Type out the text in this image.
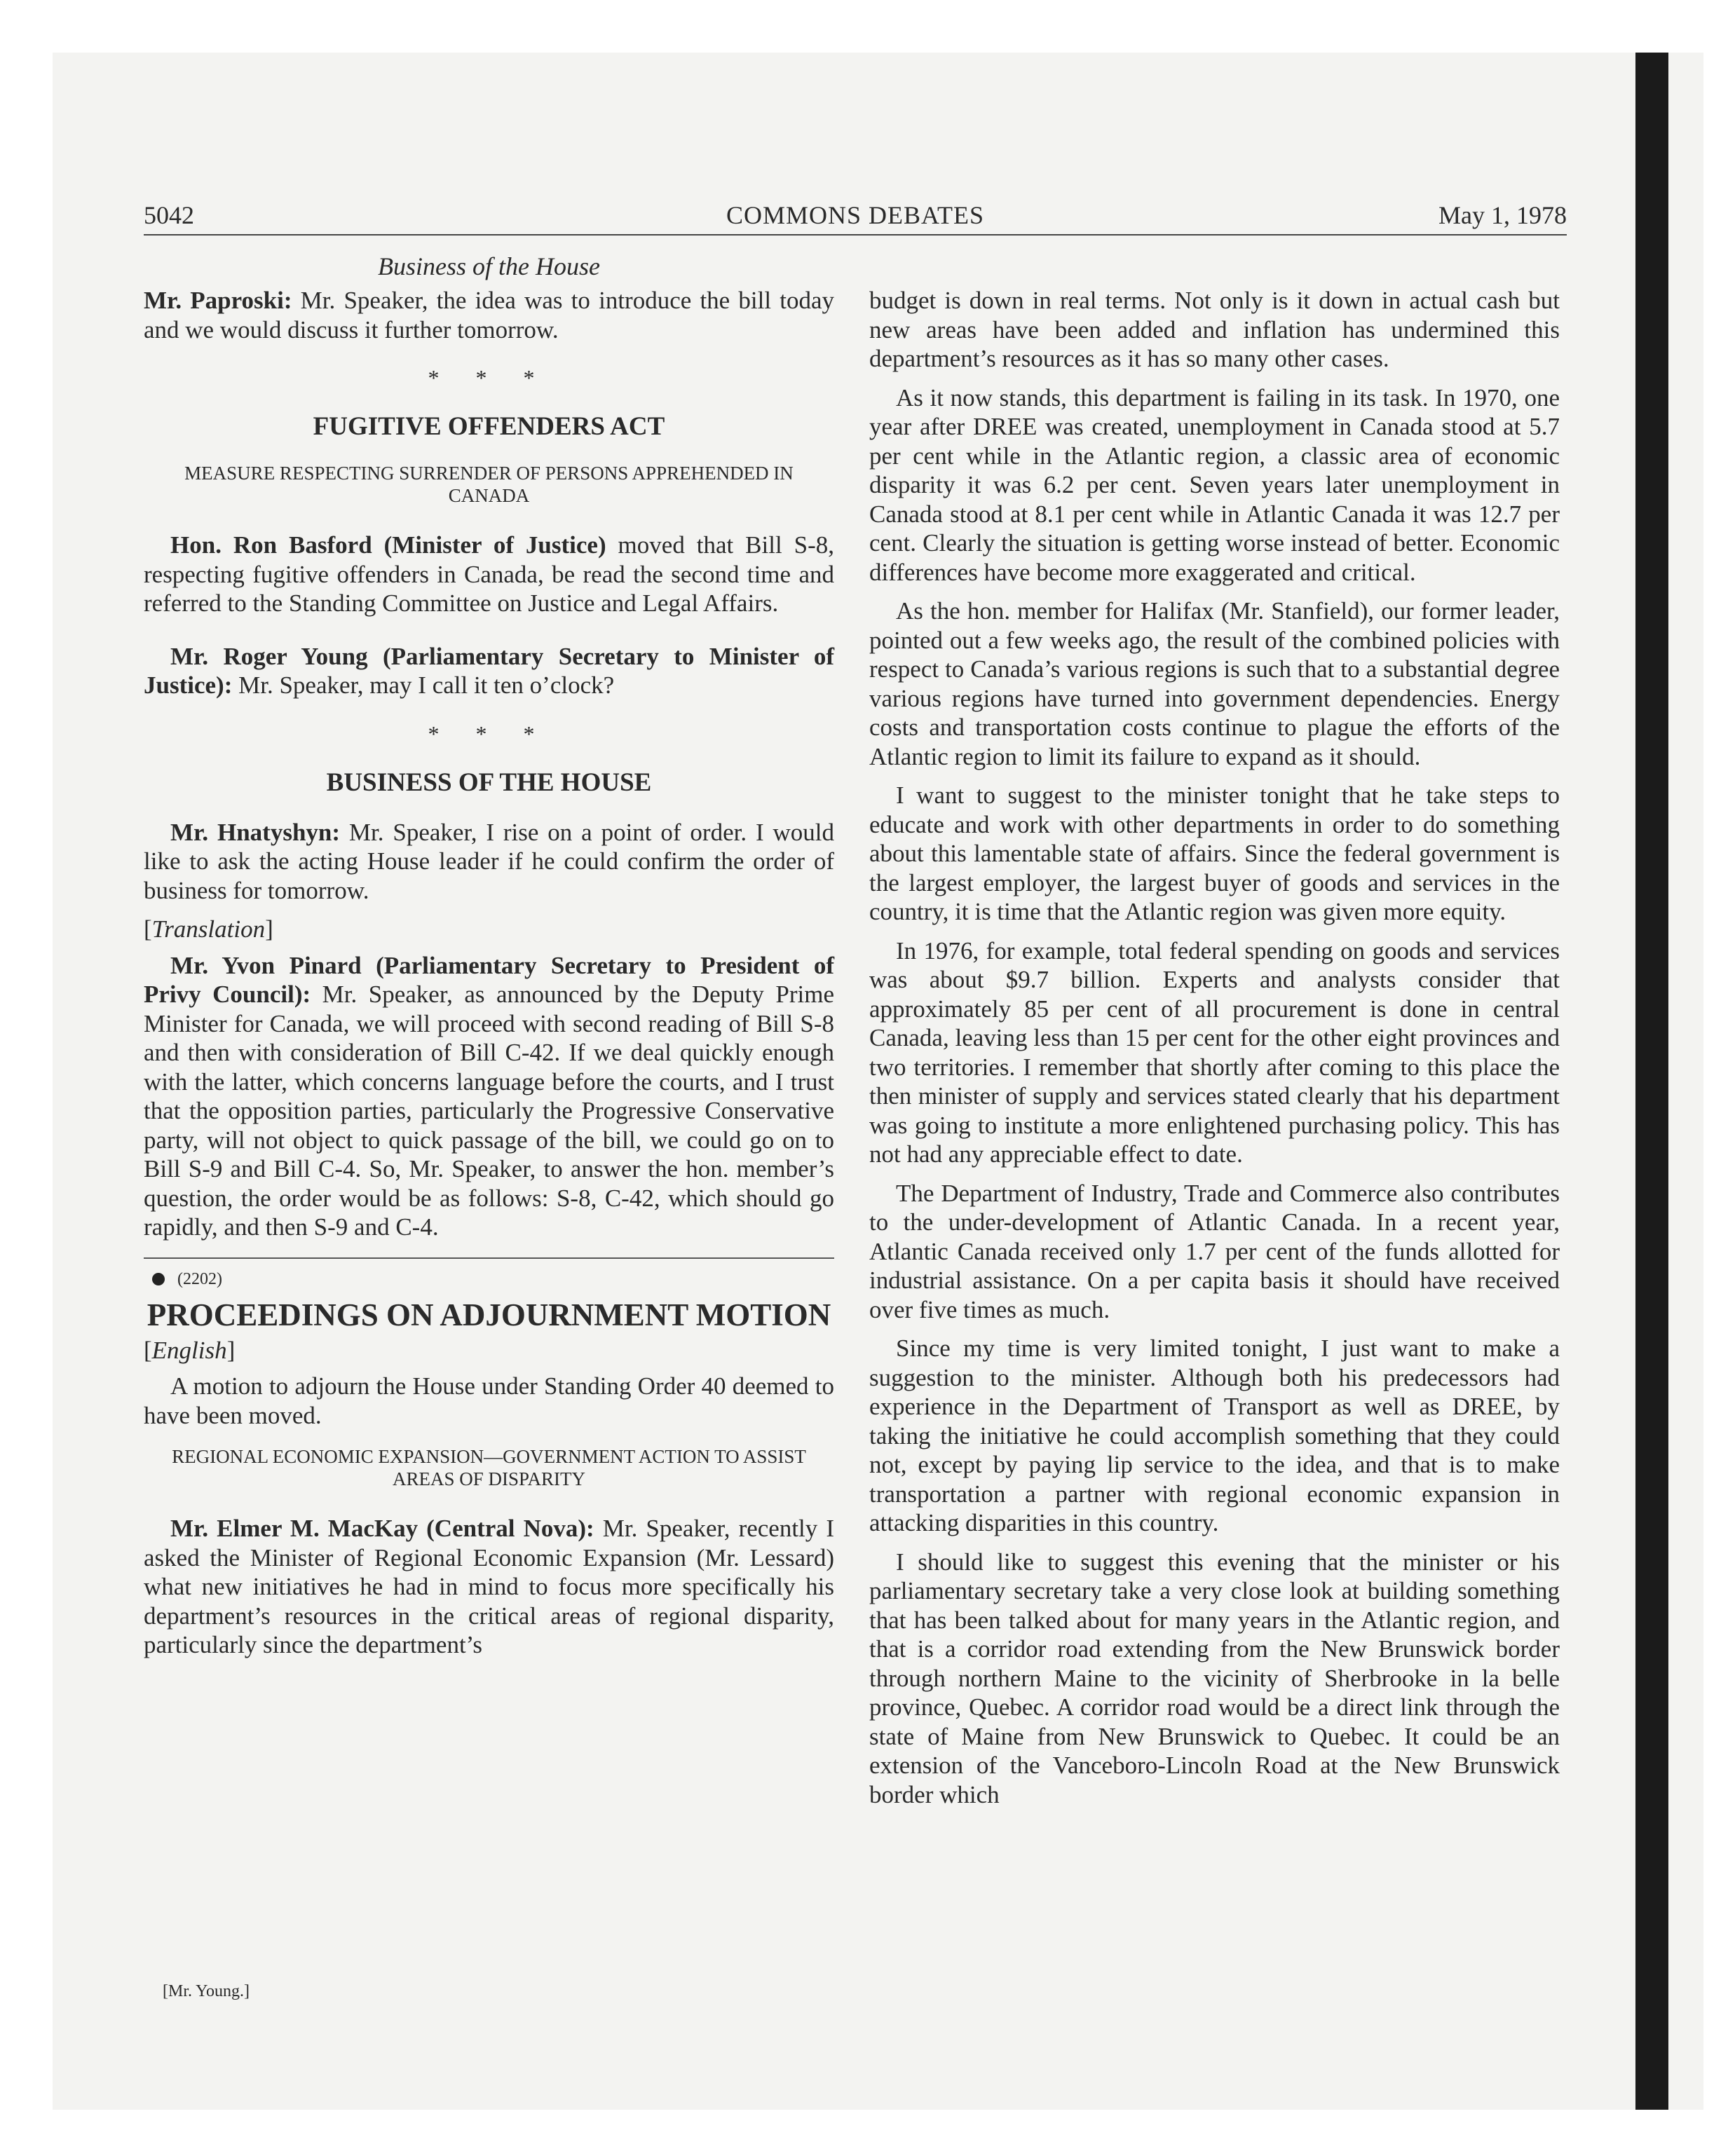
5042	COMMONS DEBATES	May 1, 1978
Business of the House

Mr. Paproski: Mr. Speaker, the idea was to introduce the bill today and we would discuss it further tomorrow.

* * *
FUGITIVE OFFENDERS ACT
MEASURE RESPECTING SURRENDER OF PERSONS APPREHENDED IN CANADA

Hon. Ron Basford (Minister of Justice) moved that Bill S-8, respecting fugitive offenders in Canada, be read the second time and referred to the Standing Committee on Justice and Legal Affairs.

Mr. Roger Young (Parliamentary Secretary to Minister of Justice): Mr. Speaker, may I call it ten o’clock?

* * *
BUSINESS OF THE HOUSE

Mr. Hnatyshyn: Mr. Speaker, I rise on a point of order. I would like to ask the acting House leader if he could confirm the order of business for tomorrow.

[Translation]

Mr. Yvon Pinard (Parliamentary Secretary to President of Privy Council): Mr. Speaker, as announced by the Deputy Prime Minister for Canada, we will proceed with second reading of Bill S-8 and then with consideration of Bill C-42. If we deal quickly enough with the latter, which concerns language before the courts, and I trust that the opposition parties, particularly the Progressive Conservative party, will not object to quick passage of the bill, we could go on to Bill S-9 and Bill C-4. So, Mr. Speaker, to answer the hon. member’s question, the order would be as follows: S-8, C-42, which should go rapidly, and then S-9 and C-4.

(2202)
PROCEEDINGS ON ADJOURNMENT MOTION
[English]

A motion to adjourn the House under Standing Order 40 deemed to have been moved.

REGIONAL ECONOMIC EXPANSION—GOVERNMENT ACTION TO ASSIST AREAS OF DISPARITY

Mr. Elmer M. MacKay (Central Nova): Mr. Speaker, recently I asked the Minister of Regional Economic Expansion (Mr. Lessard) what new initiatives he had in mind to focus more specifically his department’s resources in the critical areas of regional disparity, particularly since the department’s

budget is down in real terms. Not only is it down in actual cash but new areas have been added and inflation has undermined this department’s resources as it has so many other cases.

As it now stands, this department is failing in its task. In 1970, one year after DREE was created, unemployment in Canada stood at 5.7 per cent while in the Atlantic region, a classic area of economic disparity it was 6.2 per cent. Seven years later unemployment in Canada stood at 8.1 per cent while in Atlantic Canada it was 12.7 per cent. Clearly the situation is getting worse instead of better. Economic differences have become more exaggerated and critical.

As the hon. member for Halifax (Mr. Stanfield), our former leader, pointed out a few weeks ago, the result of the combined policies with respect to Canada’s various regions is such that to a substantial degree various regions have turned into government dependencies. Energy costs and transportation costs continue to plague the efforts of the Atlantic region to limit its failure to expand as it should.

I want to suggest to the minister tonight that he take steps to educate and work with other departments in order to do something about this lamentable state of affairs. Since the federal government is the largest employer, the largest buyer of goods and services in the country, it is time that the Atlantic region was given more equity.

In 1976, for example, total federal spending on goods and services was about $9.7 billion. Experts and analysts consider that approximately 85 per cent of all procurement is done in central Canada, leaving less than 15 per cent for the other eight provinces and two territories. I remember that shortly after coming to this place the then minister of supply and services stated clearly that his department was going to institute a more enlightened purchasing policy. This has not had any appreciable effect to date.

The Department of Industry, Trade and Commerce also contributes to the under-development of Atlantic Canada. In a recent year, Atlantic Canada received only 1.7 per cent of the funds allotted for industrial assistance. On a per capita basis it should have received over five times as much.

Since my time is very limited tonight, I just want to make a suggestion to the minister. Although both his predecessors had experience in the Department of Transport as well as DREE, by taking the initiative he could accomplish something that they could not, except by paying lip service to the idea, and that is to make transportation a partner with regional economic expansion in attacking disparities in this country.

I should like to suggest this evening that the minister or his parliamentary secretary take a very close look at building something that has been talked about for many years in the Atlantic region, and that is a corridor road extending from the New Brunswick border through northern Maine to the vicinity of Sherbrooke in la belle province, Quebec. A corridor road would be a direct link through the state of Maine from New Brunswick to Quebec. It could be an extension of the Vanceboro-Lincoln Road at the New Brunswick border which

[Mr. Young.]
